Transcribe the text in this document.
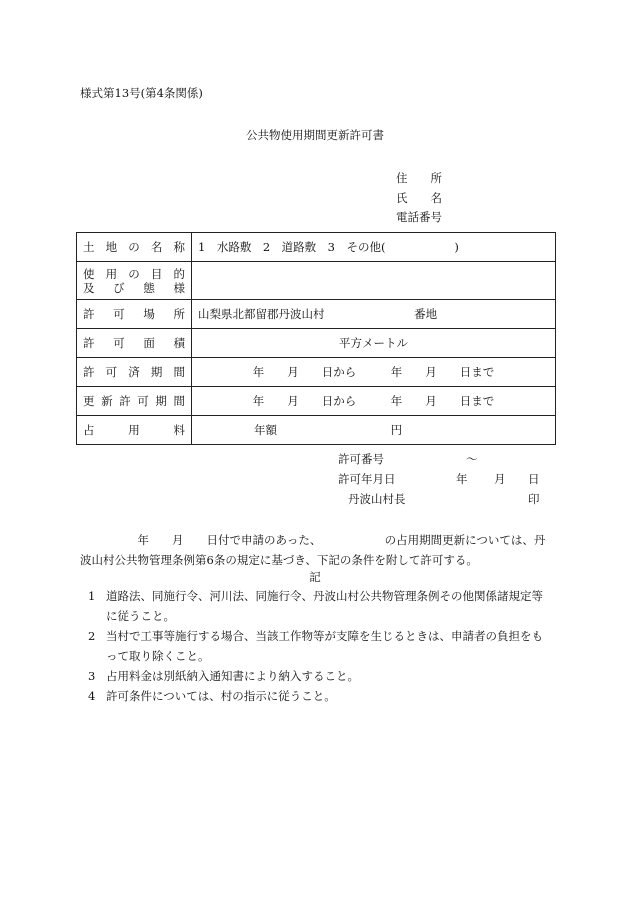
様式第13号(第4条関係)
公共物使用期間更新許可書
住　　所
氏　　名
電話番号
土地の名称	1　水路敷　2　道路敷　3　その他(　　　　　　)

使用の目的
及び態様	

許可場所	山梨県北都留郡丹波山村 番地

許可面積	平方メートル

許可済期間	年　　月　　日から　　　年　　月　　日まで

更新許可期間	年　　月　　日から　　　年　　月　　日まで

占用料	年額 円
許可番号	〜
許可年月日	年 月 日
丹波山村長	印
　　　　　年　　月　　日付で申請のあった、　　　　　　の占用期間更新については、丹波山村公共物管理条例第6条の規定に基づき、下記の条件を附して許可する。
記
1 道路法、同施行令、河川法、同施行令、丹波山村公共物管理条例その他関係諸規定等に従うこと。
2 当村で工事等施行する場合、当該工作物等が支障を生じるときは、申請者の負担をもって取り除くこと。
3 占用料金は別紙納入通知書により納入すること。
4 許可条件については、村の指示に従うこと。
